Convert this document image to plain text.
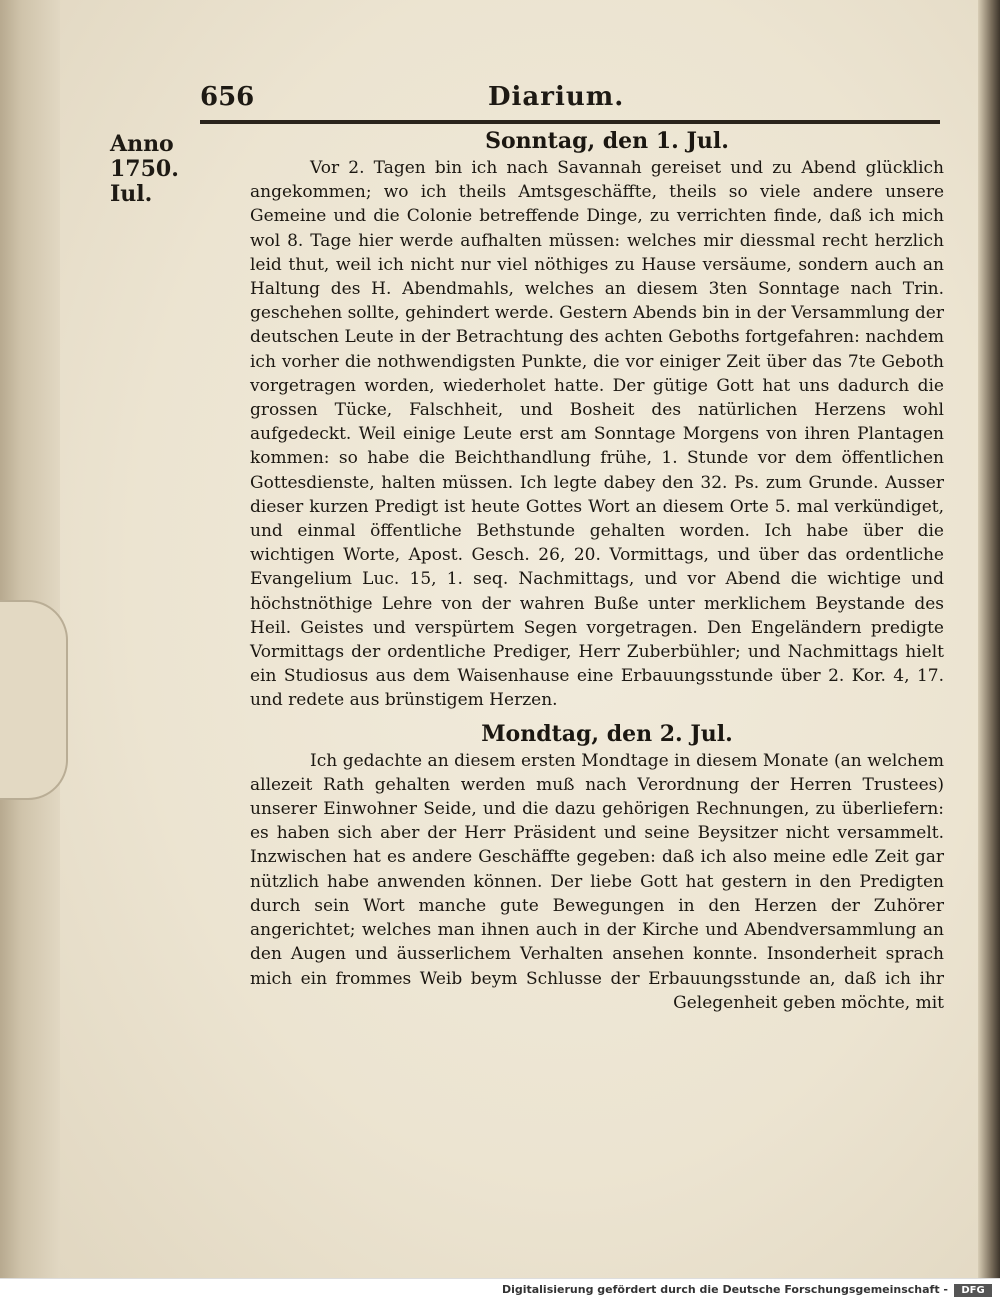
656	Diarium.
Anno
1750.
Iul.

Sonntag, den 1. Jul.

Vor 2. Tagen bin ich nach Savannah gereiset und zu Abend glücklich angekommen; wo ich theils Amtsgeschäffte, theils so viele andere unsere Gemeine und die Colonie betreffende Dinge, zu verrichten finde, daß ich mich wol 8. Tage hier werde aufhalten müssen: welches mir diessmal recht herzlich leid thut, weil ich nicht nur viel nöthiges zu Hause versäume, sondern auch an Haltung des H. Abendmahls, welches an diesem 3ten Sonntage nach Trin. geschehen sollte, gehindert werde. Gestern Abends bin in der Versammlung der deutschen Leute in der Betrachtung des achten Geboths fortgefahren: nachdem ich vorher die nothwendigsten Punkte, die vor einiger Zeit über das 7te Geboth vorgetragen worden, wiederholet hatte. Der gütige Gott hat uns dadurch die grossen Tücke, Falschheit, und Bosheit des natürlichen Herzens wohl aufgedeckt. Weil einige Leute erst am Sonntage Morgens von ihren Plantagen kommen: so habe die Beichthandlung frühe, 1. Stunde vor dem öffentlichen Gottesdienste, halten müssen. Ich legte dabey den 32. Ps. zum Grunde. Ausser dieser kurzen Predigt ist heute Gottes Wort an diesem Orte 5. mal verkündiget, und einmal öffentliche Bethstunde gehalten worden. Ich habe über die wichtigen Worte, Apost. Gesch. 26, 20. Vormittags, und über das ordentliche Evangelium Luc. 15, 1. seq. Nachmittags, und vor Abend die wichtige und höchstnöthige Lehre von der wahren Buße unter merklichem Beystande des Heil. Geistes und verspürtem Segen vorgetragen. Den Engeländern predigte Vormittags der ordentliche Prediger, Herr Zuberbühler; und Nachmittags hielt ein Studiosus aus dem Waisenhause eine Erbauungsstunde über 2. Kor. 4, 17. und redete aus brünstigem Herzen.

Mondtag, den 2. Jul.

Ich gedachte an diesem ersten Mondtage in diesem Monate (an welchem allezeit Rath gehalten werden muß nach Verordnung der Herren Trustees) unserer Einwohner Seide, und die dazu gehörigen Rechnungen, zu überliefern: es haben sich aber der Herr Präsident und seine Beysitzer nicht versammelt. Inzwischen hat es andere Geschäffte gegeben: daß ich also meine edle Zeit gar nützlich habe anwenden können. Der liebe Gott hat gestern in den Predigten durch sein Wort manche gute Bewegungen in den Herzen der Zuhörer angerichtet; welches man ihnen auch in der Kirche und Abendversammlung an den Augen und äusserlichem Verhalten ansehen konnte. Insonderheit sprach mich ein frommes Weib beym Schlusse der Erbauungsstunde an, daß ich ihr Gelegenheit geben möchte, mit

Digitalisierung gefördert durch die Deutsche Forschungsgemeinschaft -	DFG
